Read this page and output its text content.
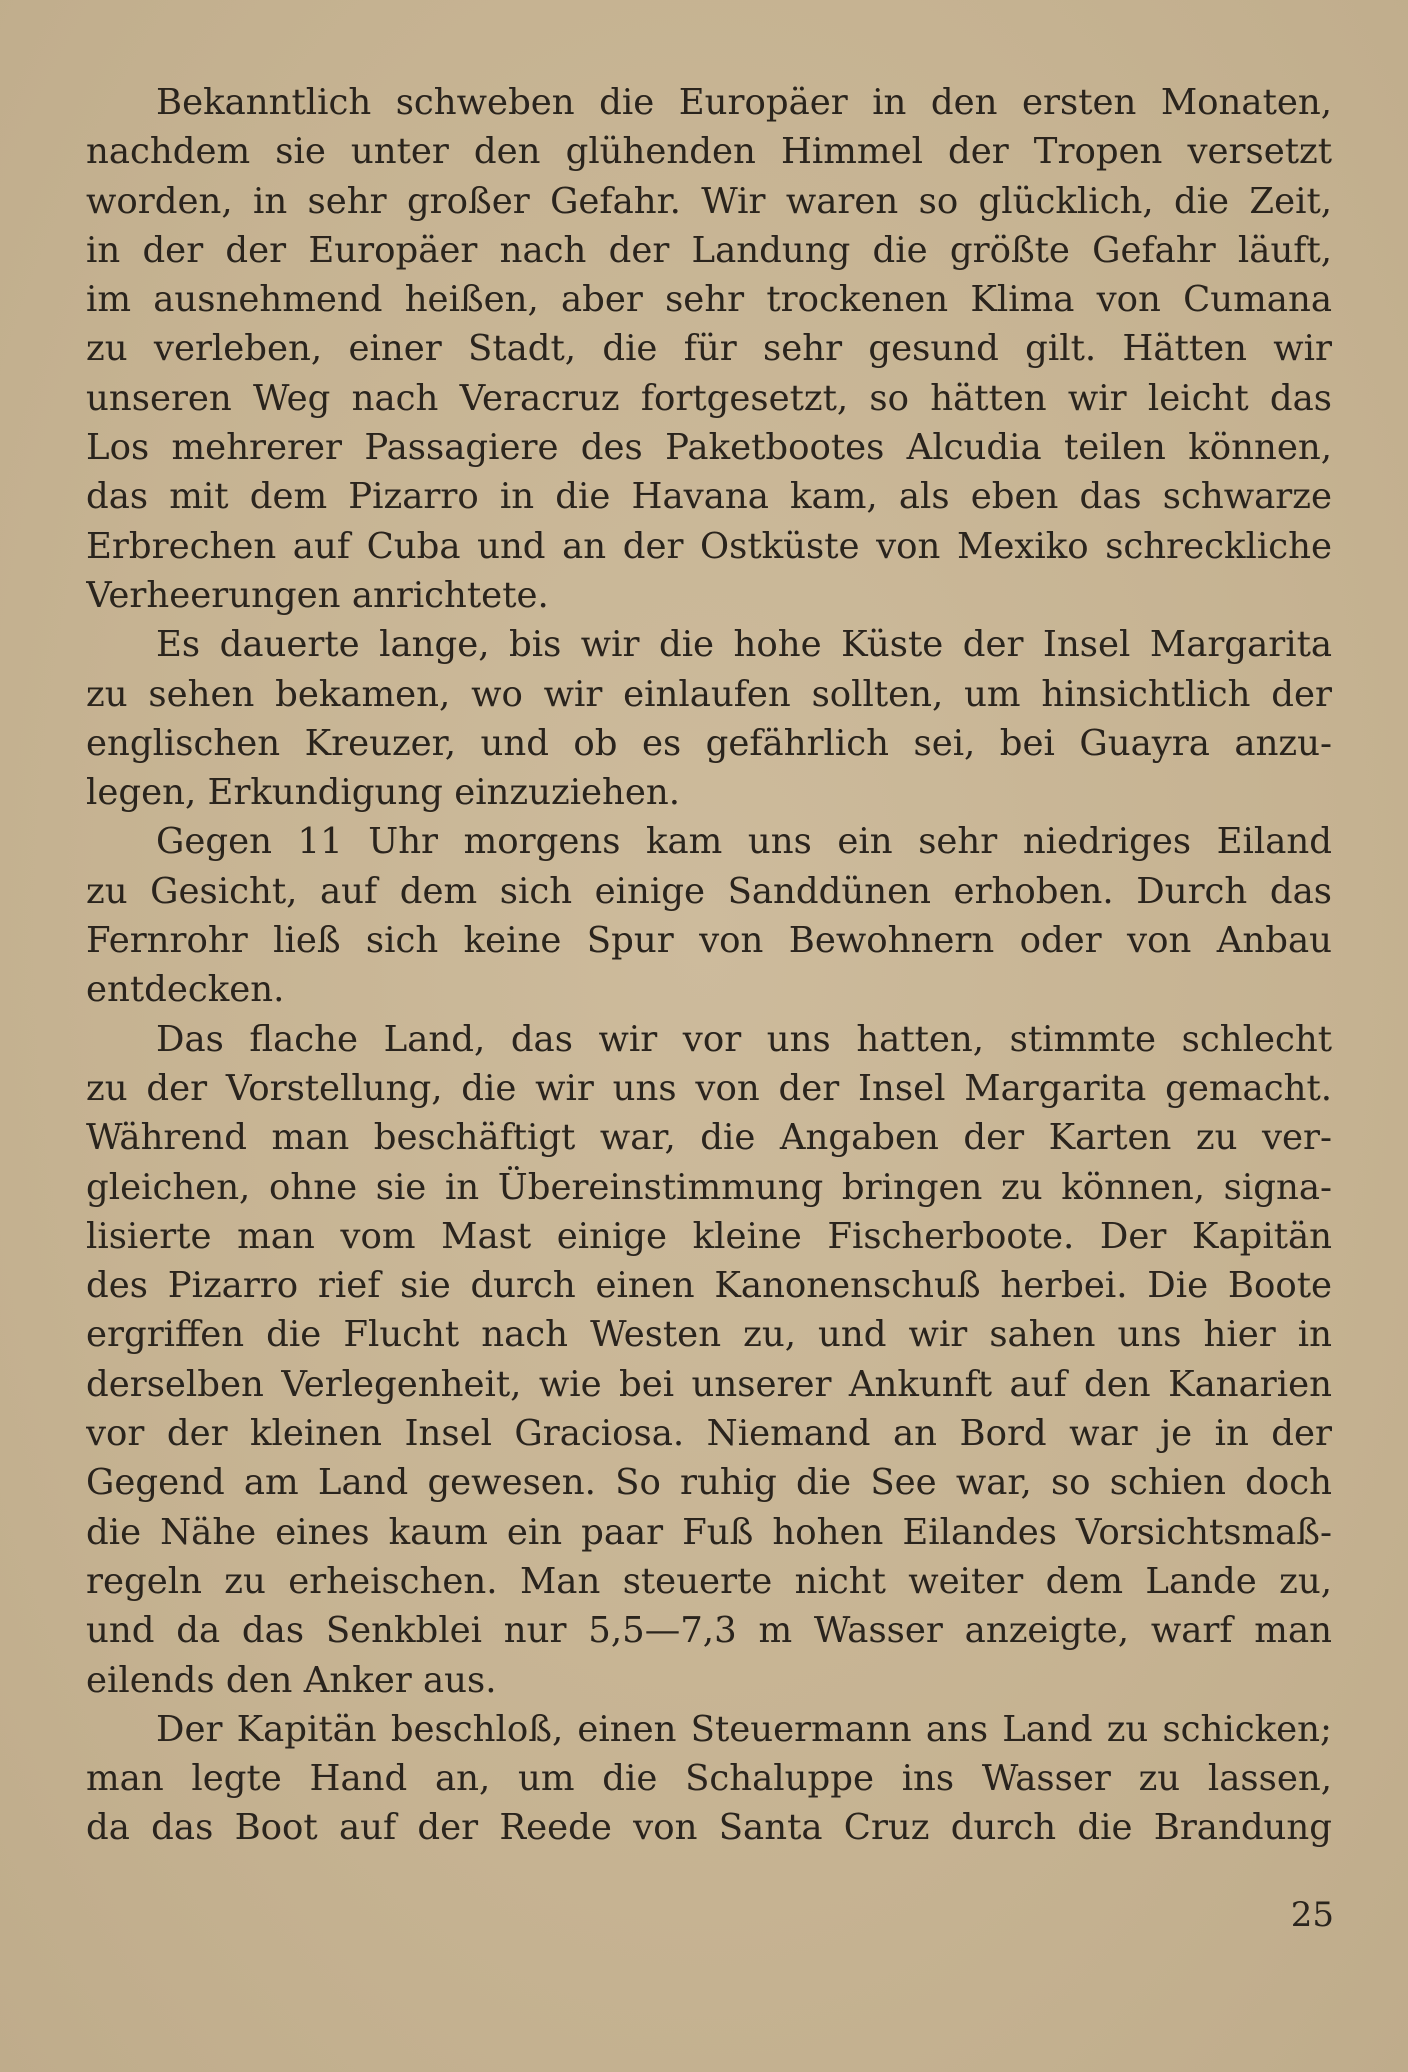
Bekanntlich schweben die Europäer in den ersten Monaten,
nachdem sie unter den glühenden Himmel der Tropen versetzt
worden, in sehr großer Gefahr. Wir waren so glücklich, die Zeit,
in der der Europäer nach der Landung die größte Gefahr läuft,
im ausnehmend heißen, aber sehr trockenen Klima von Cumana
zu verleben, einer Stadt, die für sehr gesund gilt. Hätten wir
unseren Weg nach Veracruz fortgesetzt, so hätten wir leicht das
Los mehrerer Passagiere des Paketbootes Alcudia teilen können,
das mit dem Pizarro in die Havana kam, als eben das schwarze
Erbrechen auf Cuba und an der Ostküste von Mexiko schreckliche
Verheerungen anrichtete.
Es dauerte lange, bis wir die hohe Küste der Insel Margarita
zu sehen bekamen, wo wir einlaufen sollten, um hinsichtlich der
englischen Kreuzer, und ob es gefährlich sei, bei Guayra anzu-
legen, Erkundigung einzuziehen.
Gegen 11 Uhr morgens kam uns ein sehr niedriges Eiland
zu Gesicht, auf dem sich einige Sanddünen erhoben. Durch das
Fernrohr ließ sich keine Spur von Bewohnern oder von Anbau
entdecken.
Das flache Land, das wir vor uns hatten, stimmte schlecht
zu der Vorstellung, die wir uns von der Insel Margarita gemacht.
Während man beschäftigt war, die Angaben der Karten zu ver-
gleichen, ohne sie in Übereinstimmung bringen zu können, signa-
lisierte man vom Mast einige kleine Fischerboote. Der Kapitän
des Pizarro rief sie durch einen Kanonenschuß herbei. Die Boote
ergriffen die Flucht nach Westen zu, und wir sahen uns hier in
derselben Verlegenheit, wie bei unserer Ankunft auf den Kanarien
vor der kleinen Insel Graciosa. Niemand an Bord war je in der
Gegend am Land gewesen. So ruhig die See war, so schien doch
die Nähe eines kaum ein paar Fuß hohen Eilandes Vorsichtsmaß-
regeln zu erheischen. Man steuerte nicht weiter dem Lande zu,
und da das Senkblei nur 5,5—7,3 m Wasser anzeigte, warf man
eilends den Anker aus.
Der Kapitän beschloß, einen Steuermann ans Land zu schicken;
man legte Hand an, um die Schaluppe ins Wasser zu lassen,
da das Boot auf der Reede von Santa Cruz durch die Brandung
25
